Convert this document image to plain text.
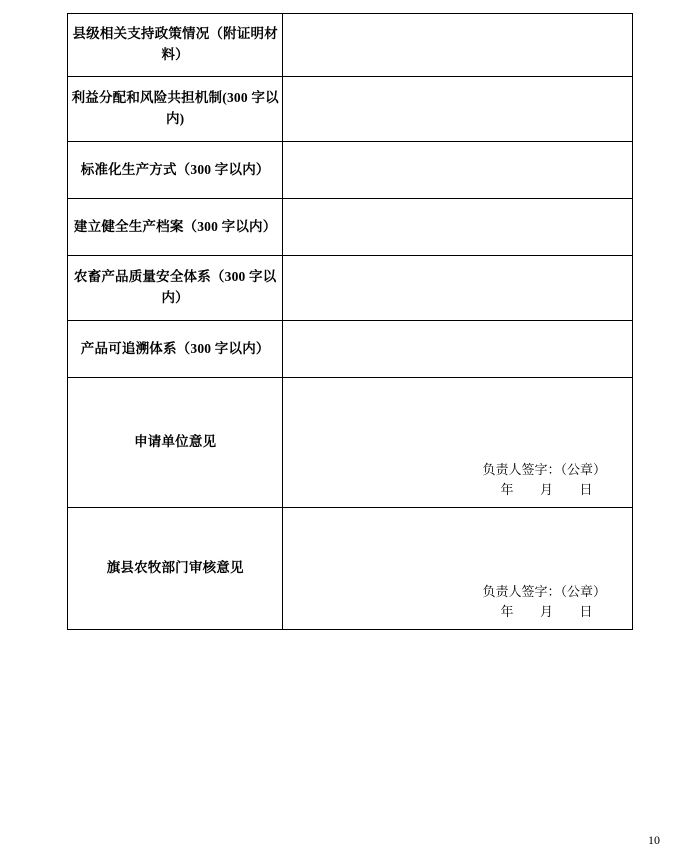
县级相关支持政策情况（附证明材料）	
利益分配和风险共担机制(300 字以内)	
标准化生产方式（300 字以内）	
建立健全生产档案（300 字以内）	
农畜产品质量安全体系（300 字以内）	
产品可追溯体系（300 字以内）	
申请单位意见	负责人签字：（公章）
年 月 日

旗县农牧部门审核意见	负责人签字：（公章）
年 月 日
10
